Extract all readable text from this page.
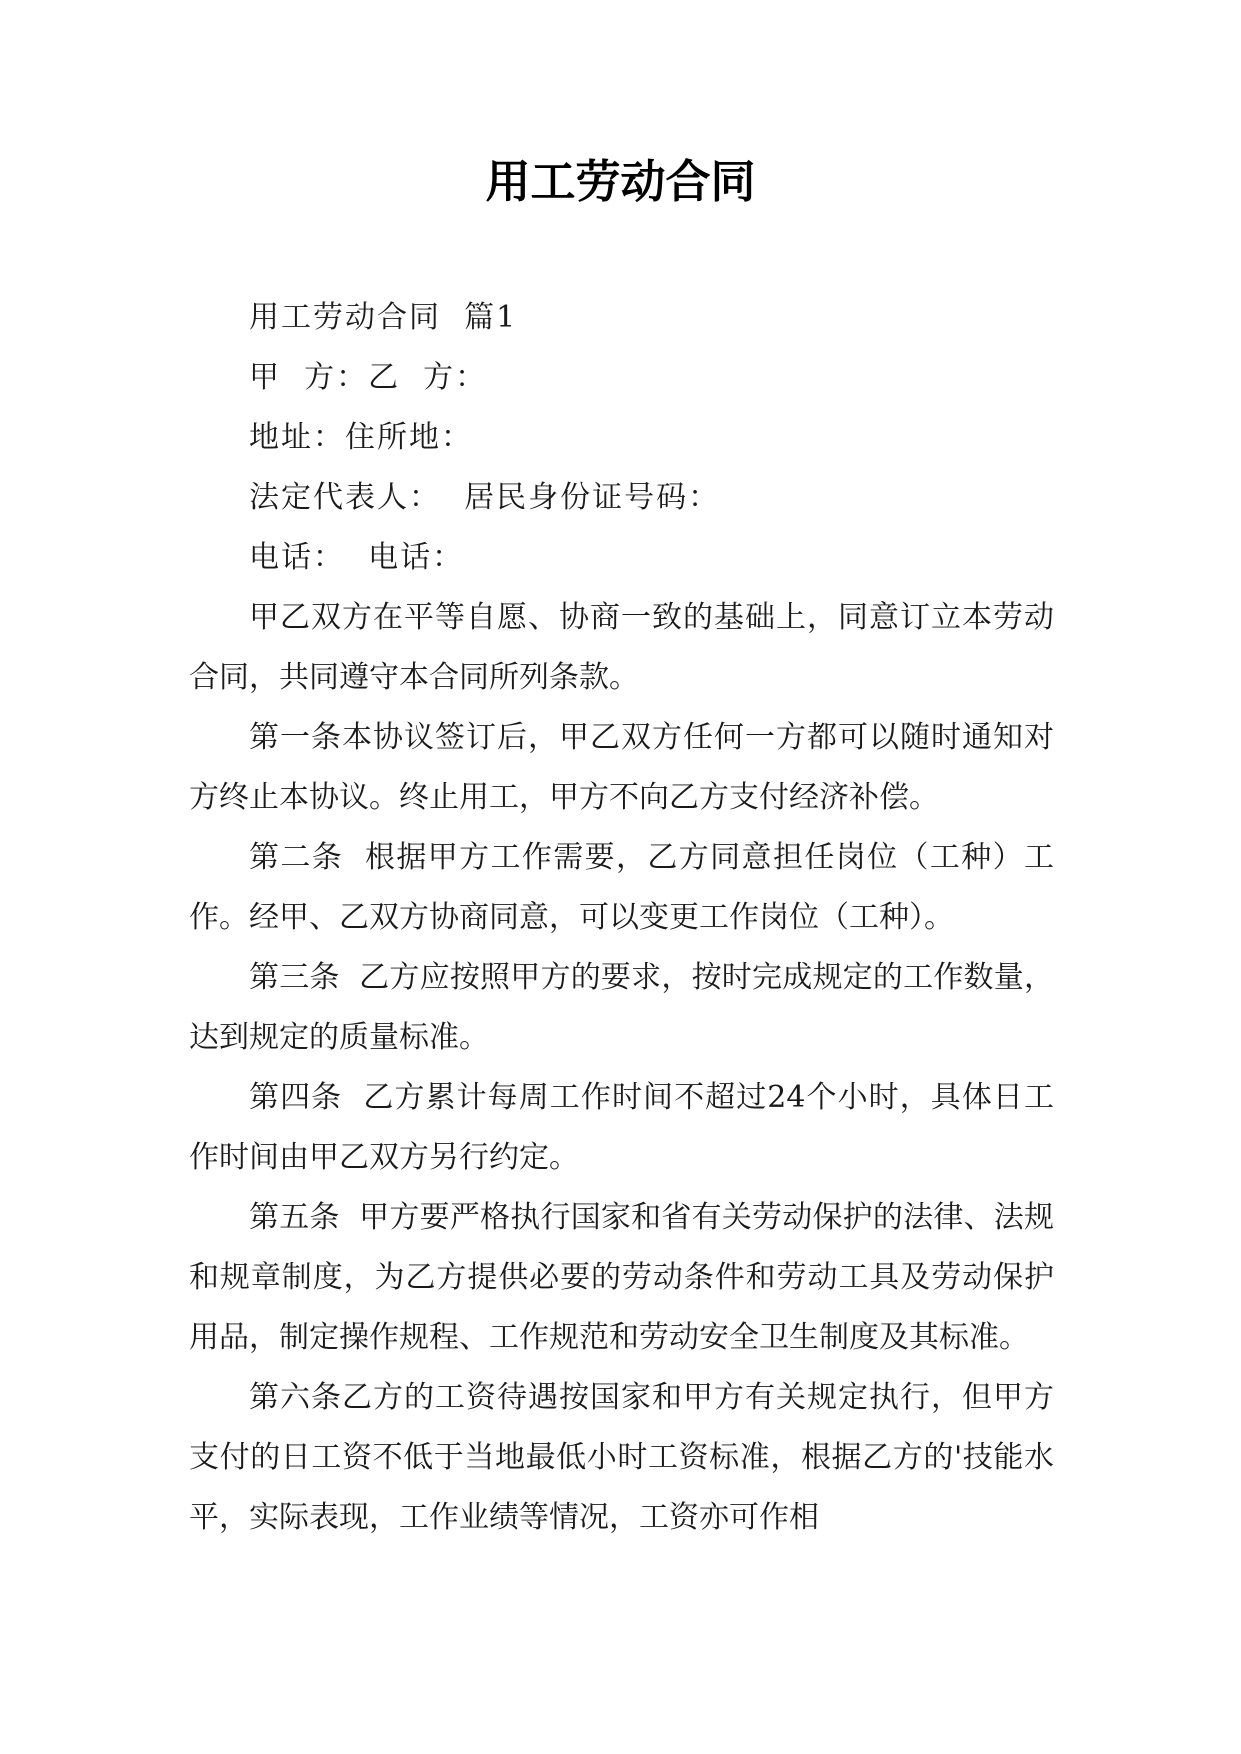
用工劳动合同

用工劳动合同  篇1

甲  方：乙  方：

地址：住所地：

法定代表人：  居民身份证号码：

电话：  电话：

甲乙双方在平等自愿、协商一致的基础上，同意订立本劳动合同，共同遵守本合同所列条款。

第一条本协议签订后，甲乙双方任何一方都可以随时通知对方终止本协议。终止用工，甲方不向乙方支付经济补偿。

第二条  根据甲方工作需要，乙方同意担任岗位（工种）工作。经甲、乙双方协商同意，可以变更工作岗位（工种）。

第三条  乙方应按照甲方的要求，按时完成规定的工作数量，达到规定的质量标准。

第四条  乙方累计每周工作时间不超过24个小时，具体日工作时间由甲乙双方另行约定。

第五条  甲方要严格执行国家和省有关劳动保护的法律、法规和规章制度，为乙方提供必要的劳动条件和劳动工具及劳动保护用品，制定操作规程、工作规范和劳动安全卫生制度及其标准。

第六条乙方的工资待遇按国家和甲方有关规定执行，但甲方支付的日工资不低于当地最低小时工资标准，根据乙方的'技能水平，实际表现，工作业绩等情况，工资亦可作相
